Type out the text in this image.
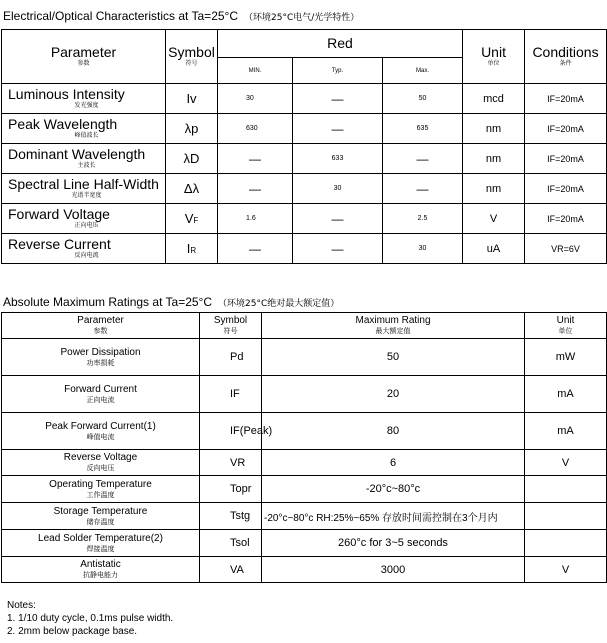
Electrical/Optical Characteristics at Ta=25°C （环境25°C电气/光学特性）
Parameter
参数	Symbol
符号	Red			Unit
单位	Conditions
条件

		MIN.	Typ.	Max.		
Luminous Intensity
发光强度	Iv	30	—	50	mcd	IF=20mA
Peak Wavelength
峰值波长	λp	630	—	635	nm	IF=20mA
Dominant Wavelength
主波长	λD	—	633	—	nm	IF=20mA
Spectral Line Half-Width
光谱半宽度	Δλ	—	30	—	nm	IF=20mA
Forward Voltage
正向电压	VF	1.6	—	2.5	V	IF=20mA
Reverse Current
反向电流	IR	—	—	30	uA	VR=6V
Absolute Maximum Ratings at Ta=25°C （环境25°C绝对最大额定值）
Parameter
参数	Symbol
符号	Maximum Rating
最大额定值	Unit
单位

Power Dissipation
功率损耗	Pd	50	mW
Forward Current
正向电流	IF	20	mA
Peak Forward Current(1)
峰值电流	IF(Peak)	80	mA
Reverse Voltage
反向电压	VR	6	V
Operating Temperature
工作温度	Topr	-20°c~80°c	
Storage Temperature
储存温度	Tstg	-20°c~80°c RH:25%~65% 存放时间需控制在3个月内	
Lead Solder Temperature(2)
焊接温度	Tsol	260°c for 3~5 seconds	
Antistatic
抗静电能力	VA	3000	V
Notes:
1. 1/10 duty cycle, 0.1ms pulse width.
2. 2mm below package base.
